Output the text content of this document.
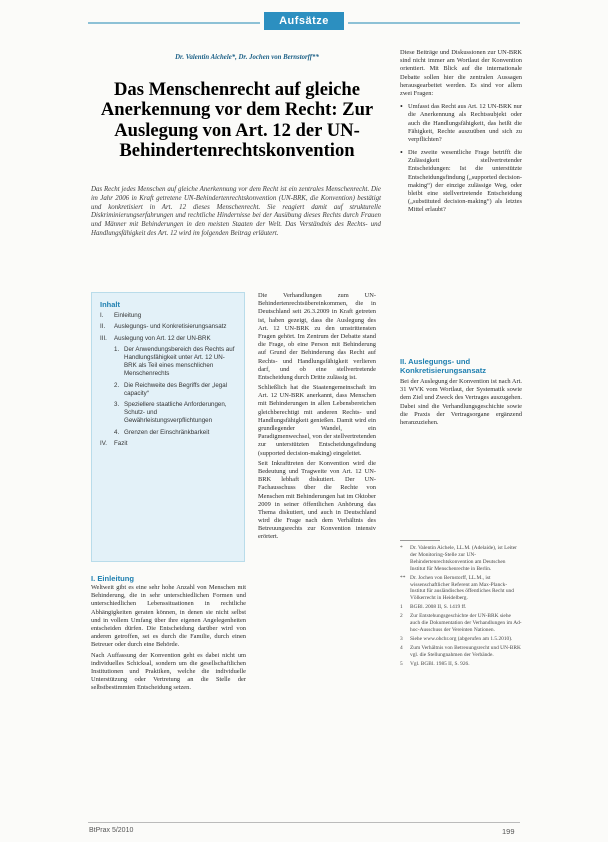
Aufsätze
Dr. Valentin Aichele*, Dr. Jochen von Bernstorff**
Das Menschenrecht auf gleiche Anerkennung vor dem Recht: Zur Auslegung von Art. 12 der UN-Behindertenrechtskonvention
Das Recht jedes Menschen auf gleiche Anerkennung vor dem Recht ist ein zentrales Menschenrecht. Die im Jahr 2006 in Kraft getretene UN-Behindertenrechtskonvention (UN-BRK, die Konvention) bestätigt und konkretisiert in Art. 12 dieses Menschenrecht. Sie reagiert damit auf strukturelle Diskriminierungserfahrungen und rechtliche Hindernisse bei der Ausübung dieses Rechts durch Frauen und Männer mit Behinderungen in den meisten Staaten der Welt. Das Verständnis des Rechts- und Handlungsfähigkeit des Art. 12 wird im folgenden Beitrag erläutert.
Inhalt
I.	Einleitung
II.	Auslegungs- und Konkretisierungsansatz
III.	Auslegung von Art. 12 der UN-BRK
1. Der Anwendungsbereich des Rechts auf Handlungsfähigkeit unter Art. 12 UN-BRK als Teil eines menschlichen Menschenrechts
2. Die Reichweite des Begriffs der „legal capacity“
3. Speziellere staatliche Anforderungen, Schutz- und Gewährleistungsverpflichtungen
4. Grenzen der Einschränkbarkeit
IV.	Fazit
I. Einleitung

Weltweit gibt es eine sehr hohe Anzahl von Menschen mit Behinderung, die in sehr unterschiedlichen Formen und unterschiedlichen Lebenssituationen in rechtliche Abhängigkeiten geraten können, in denen sie nicht selbst und in vollem Umfang über ihre eigenen Angelegenheiten entscheiden dürfen. Die Entscheidung darüber wird von anderen getroffen, sei es durch die Familie, durch einen Betreuer oder durch eine Behörde.

Nach Auffassung der Konvention geht es dabei nicht um individuelles Schicksal, sondern um die gesellschaftlichen Institutionen und Praktiken, welche die individuelle Unterstützung oder Vertretung an die Stelle der selbstbestimmten Entscheidung setzen.

Die Verhandlungen zum UN-Behindertenrechtsübereinkommen, die in Deutschland seit 26.3.2009 in Kraft getreten ist, haben gezeigt, dass die Auslegung des Art. 12 UN-BRK zu den umstrittensten Fragen gehört. Im Zentrum der Debatte stand die Frage, ob eine Person mit Behinderung auf Grund der Behinderung das Recht auf Rechts- und Handlungsfähigkeit verlieren darf, und ob eine stellvertretende Entscheidung durch Dritte zulässig ist.

Schließlich hat die Staatengemeinschaft im Art. 12 UN-BRK anerkannt, dass Menschen mit Behinderungen in allen Lebensbereichen gleichberechtigt mit anderen Rechts- und Handlungsfähigkeit genießen. Damit wird ein grundlegender Wandel, ein Paradigmenwechsel, von der stellvertretenden zur unterstützten Entscheidungsfindung (supported decision-making) eingeleitet.

Seit Inkrafttreten der Konvention wird die Bedeutung und Tragweite von Art. 12 UN-BRK lebhaft diskutiert. Der UN-Fachausschuss über die Rechte von Menschen mit Behinderungen hat im Oktober 2009 in seiner öffentlichen Anhörung das Thema diskutiert, und auch in Deutschland wird die Frage nach dem Verhältnis des Betreuungsrechts zur Konvention intensiv erörtert.

Diese Beiträge und Diskussionen zur UN-BRK sind nicht immer am Wortlaut der Konvention orientiert. Mit Blick auf die internationale Debatte sollen hier die zentralen Aussagen herausgearbeitet werden. Es sind vor allem zwei Fragen:

• Umfasst das Recht aus Art. 12 UN-BRK nur die Anerkennung als Rechtssubjekt oder auch die Handlungsfähigkeit, das heißt die Fähigkeit, Rechte auszuüben und sich zu verpflichten?
• Die zweite wesentliche Frage betrifft die Zulässigkeit stellvertretender Entscheidungen: Ist die unterstützte Entscheidungsfindung („supported decision-making“) der einzige zulässige Weg, oder bleibt eine stellvertretende Entscheidung („substituted decision-making“) als letztes Mittel erlaubt?
II. Auslegungs- und Konkretisierungsansatz

Bei der Auslegung der Konvention ist nach Art. 31 WVK vom Wortlaut, der Systematik sowie dem Ziel und Zweck des Vertrages auszugehen. Dabei sind die Verhandlungsgeschichte sowie die Praxis der Vertragsorgane ergänzend heranzuziehen.

*	Dr. Valentin Aichele, LL.M. (Adelaide), ist Leiter der Monitoring-Stelle zur UN-Behindertenrechtskonvention am Deutschen Institut für Menschenrechte in Berlin.
** Dr. Jochen von Bernstorff, LL.M., ist wissenschaftlicher Referent am Max-Planck-Institut für ausländisches öffentliches Recht und Völkerrecht in Heidelberg.
1	BGBl. 2008 II, S. 1419 ff.
2	Zur Entstehungsgeschichte der UN-BRK siehe auch die Dokumentation der Verhandlungen im Ad-hoc-Ausschuss der Vereinten Nationen.
3	Siehe www.ohchr.org (abgerufen am 1.5.2010).
4	Zum Verhältnis von Betreuungsrecht und UN-BRK vgl. die Stellungnahmen der Verbände.
5	Vgl. BGBl. 1985 II, S. 926.
BtPrax 5/2010	199
